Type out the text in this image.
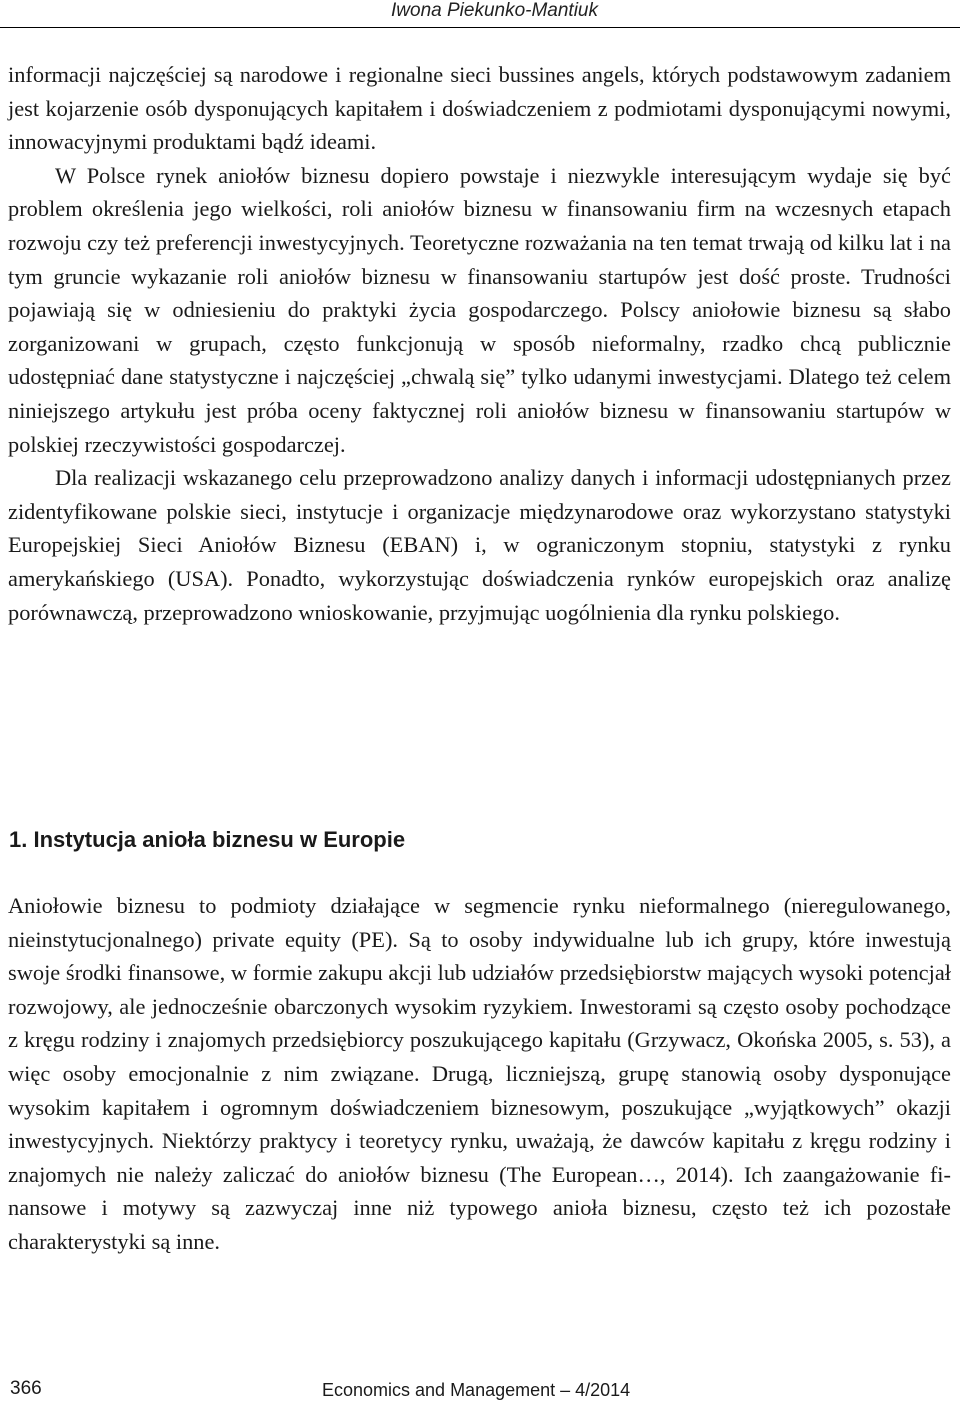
Iwona Piekunko-Mantiuk

informacji najczęściej są narodowe i regionalne sieci bussines angels, których podstawowym zadaniem jest kojarzenie osób dysponujących kapitałem i doświadczeniem z podmiotami dysponującymi nowymi, innowacyjnymi produktami bądź ideami.

W Polsce rynek aniołów biznesu dopiero powstaje i niezwykle interesującym wydaje się być problem określenia jego wielkości, roli aniołów biznesu w finansowaniu firm na wczesnych etapach rozwoju czy też preferencji inwestycyjnych. Teoretyczne rozważania na ten temat trwają od kilku lat i na tym gruncie wykazanie roli aniołów biznesu w finansowaniu startupów jest dość proste. Trudności pojawiają się w odniesieniu do praktyki życia gospodarczego. Polscy aniołowie biznesu są słabo zorganizowani w grupach, często funkcjonują w sposób nieformalny, rzadko chcą publicznie udostępniać dane statystyczne i najczęściej „chwalą się” tylko udanymi inwestycjami. Dlatego też celem niniejszego artykułu jest próba oceny faktycznej roli aniołów biznesu w finansowaniu startupów w polskiej rzeczywistości gospodarczej.

Dla realizacji wskazanego celu przeprowadzono analizy danych i informacji udostępnianych przez zidentyfikowane polskie sieci, instytucje i organizacje międzynarodowe oraz wykorzystano statystyki Europejskiej Sieci Aniołów Biznesu (EBAN) i, w ograniczonym stopniu, statystyki z rynku amerykańskiego (USA). Ponadto, wykorzystując doświadczenia rynków europejskich oraz analizę porównawczą, przeprowadzono wnioskowanie, przyjmując uogólnienia dla rynku polskiego.

1. Instytucja anioła biznesu w Europie

Aniołowie biznesu to podmioty działające w segmencie rynku nieformalnego (nieregulowanego, nieinstytucjonalnego) private equity (PE). Są to osoby indywidualne lub ich grupy, które inwestują swoje środki finansowe, w formie zakupu akcji lub udziałów przedsiębiorstw mających wysoki potencjał rozwojowy, ale jednocześnie obarczonych wysokim ryzykiem. Inwestorami są często osoby pochodzące z kręgu rodziny i znajomych przedsiębiorcy poszukującego kapitału (Grzywacz, Okońska 2005, s. 53), a więc osoby emocjonalnie z nim związane. Drugą, liczniejszą, grupę stanowią osoby dysponujące wysokim kapitałem i ogromnym doświadczeniem biznesowym, poszukujące „wyjątkowych” okazji inwestycyjnych. Niektórzy praktycy i teoretycy rynku, uważają, że dawców kapitału z kręgu rodziny i znajomych nie należy zaliczać do aniołów biznesu (The European…, 2014). Ich zaangażowanie finansowe i motywy są zazwyczaj inne niż typowego anioła biznesu, często też ich pozostałe charakterystyki są inne.

366	Economics and Management – 4/2014
